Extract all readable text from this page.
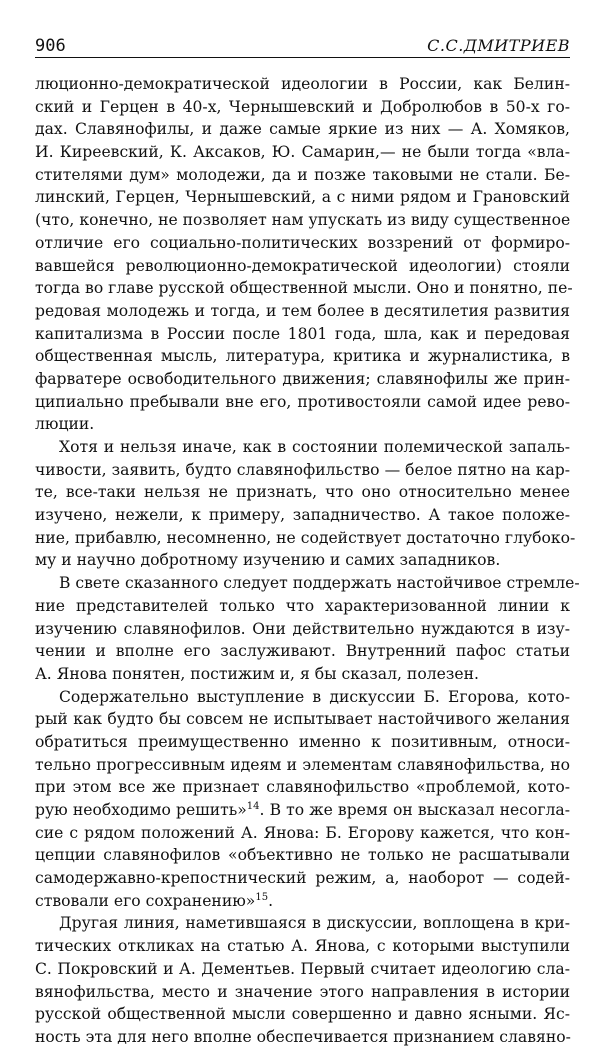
906	С.С.ДМИТРИЕВ
люционно-демократической идеологии в России, как Белин-
ский и Герцен в 40-х, Чернышевский и Добролюбов в 50-х го-
дах. Славянофилы, и даже самые яркие из них — А. Хомяков,
И. Киреевский, К. Аксаков, Ю. Самарин,— не были тогда «вла-
стителями дум» молодежи, да и позже таковыми не стали. Бе-
линский, Герцен, Чернышевский, а с ними рядом и Грановский
(что, конечно, не позволяет нам упускать из виду существенное
отличие его социально-политических воззрений от формиро-
вавшейся революционно-демократической идеологии) стояли
тогда во главе русской общественной мысли. Оно и понятно, пе-
редовая молодежь и тогда, и тем более в десятилетия развития
капитализма в России после 1801 года, шла, как и передовая
общественная мысль, литература, критика и журналистика, в
фарватере освободительного движения; славянофилы же прин-
ципиально пребывали вне его, противостояли самой идее рево-
люции.
Хотя и нельзя иначе, как в состоянии полемической запаль-
чивости, заявить, будто славянофильство — белое пятно на кар-
те, все-таки нельзя не признать, что оно относительно менее
изучено, нежели, к примеру, западничество. А такое положе-
ние, прибавлю, несомненно, не содействует достаточно глубоко-
му и научно добротному изучению и самих западников.
В свете сказанного следует поддержать настойчивое стремле-
ние представителей только что характеризованной линии к
изучению славянофилов. Они действительно нуждаются в изу-
чении и вполне его заслуживают. Внутренний пафос статьи
А. Янова понятен, постижим и, я бы сказал, полезен.
Содержательно выступление в дискуссии Б. Егорова, кото-
рый как будто бы совсем не испытывает настойчивого желания
обратиться преимущественно именно к позитивным, относи-
тельно прогрессивным идеям и элементам славянофильства, но
при этом все же признает славянофильство «проблемой, кото-
рую необходимо решить»$^{14}$. В то же время он высказал несогла-
сие с рядом положений А. Янова: Б. Егорову кажется, что кон-
цепции славянофилов «объективно не только не расшатывали
самодержавно-крепостнический режим, а, наоборот — содей-
ствовали его сохранению»$^{15}$.
Другая линия, наметившаяся в дискуссии, воплощена в кри-
тических откликах на статью А. Янова, с которыми выступили
С. Покровский и А. Дементьев. Первый считает идеологию сла-
вянофильства, место и значение этого направления в истории
русской общественной мысли совершенно и давно ясными. Яс-
ность эта для него вполне обеспечивается признанием славяно-
